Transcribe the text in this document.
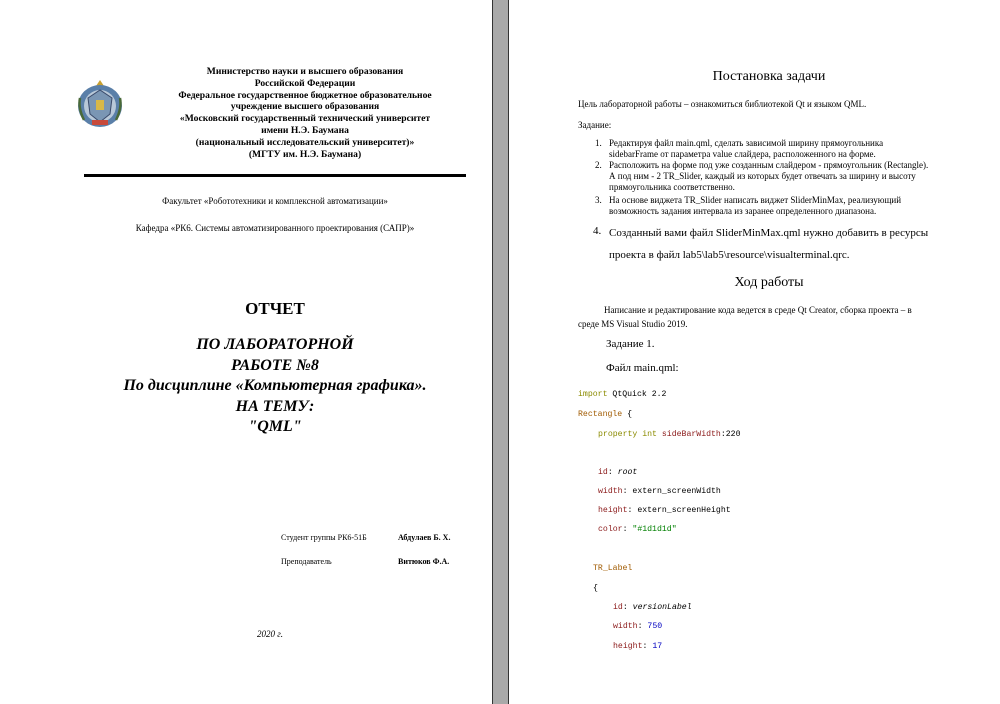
Министерство науки и высшего образования
Российской Федерации
Федеральное государственное бюджетное образовательное
учреждение высшего образования
«Московский государственный технический университет
имени Н.Э. Баумана
(национальный исследовательский университет)»
(МГТУ им. Н.Э. Баумана)
Факультет «Робототехники и комплексной автоматизации»
Кафедра «РК6. Системы автоматизированного проектирования (САПР)»
ОТЧЕТ
ПО ЛАБОРАТОРНОЙ
РАБОТЕ №8
По дисциплине «Компьютерная графика».
НА ТЕМУ:
"QML"
Студент группы РК6-51Б	Абдулаев Б. Х.
Преподаватель	Витюков Ф.А.
2020 г.
Постановка задачи
Цель лабораторной работы – ознакомиться библиотекой Qt и языком QML.
Задание:
1. Редактируя файл main.qml, сделать зависимой ширину прямоугольника
sidebarFrame от параметра value слайдера, расположенного на форме.
2. Расположить на форме под уже созданным слайдером - прямоугольник (Rectangle).
А под ним - 2 TR_Slider, каждый из которых будет отвечать за ширину и высоту
прямоугольника соответственно.
3. На основе виджета TR_Slider написать виджет SliderMinMax, реализующий
возможность задания интервала из заранее определенного диапазона.
4. Созданный вами файл SliderMinMax.qml нужно добавить в ресурсы
проекта в файл lab5\lab5\resource\visualterminal.qrc.
Ход работы
Написание и редактирование кода ведется в среде Qt Creator, сборка проекта – в
среде MS Visual Studio 2019.
Задание 1.
Файл main.qml:
import QtQuick 2.2
Rectangle {
property int sideBarWidth:220
id: root
width: extern_screenWidth
height: extern_screenHeight
color: "#1d1d1d"
TR_Label
{
id: versionLabel
width: 750
height: 17
